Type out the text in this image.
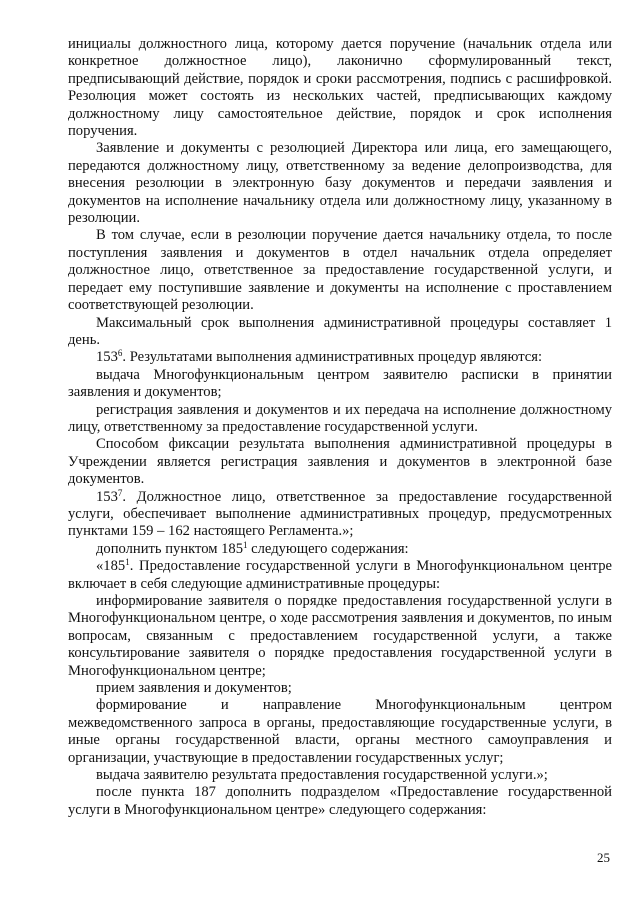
инициалы должностного лица, которому дается поручение (начальник отдела или конкретное должностное лицо), лаконично сформулированный текст, предписывающий действие, порядок и сроки рассмотрения, подпись с расшифровкой. Резолюция может состоять из нескольких частей, предписывающих каждому должностному лицу самостоятельное действие, порядок и срок исполнения поручения.

Заявление и документы с резолюцией Директора или лица, его замещающего, передаются должностному лицу, ответственному за ведение делопроизводства, для внесения резолюции в электронную базу документов и передачи заявления и документов на исполнение начальнику отдела или должностному лицу, указанному в резолюции.

В том случае, если в резолюции поручение дается начальнику отдела, то после поступления заявления и документов в отдел начальник отдела определяет должностное лицо, ответственное за предоставление государственной услуги, и передает ему поступившие заявление и документы на исполнение с проставлением соответствующей резолюции.

Максимальный срок выполнения административной процедуры составляет 1 день.

$153^6$. Результатами выполнения административных процедур являются:

выдача Многофункциональным центром заявителю расписки в принятии заявления и документов;

регистрация заявления и документов и их передача на исполнение должностному лицу, ответственному за предоставление государственной услуги.

Способом фиксации результата выполнения административной процедуры в Учреждении является регистрация заявления и документов в электронной базе документов.

$153^7$. Должностное лицо, ответственное за предоставление государственной услуги, обеспечивает выполнение административных процедур, предусмотренных пунктами 159 – 162 настоящего Регламента.»;

дополнить пунктом $185^1$ следующего содержания:

«$185^1$. Предоставление государственной услуги в Многофункциональном центре включает в себя следующие административные процедуры:

информирование заявителя о порядке предоставления государственной услуги в Многофункциональном центре, о ходе рассмотрения заявления и документов, по иным вопросам, связанным с предоставлением государственной услуги, а также консультирование заявителя о порядке предоставления государственной услуги в Многофункциональном центре;

прием заявления и документов;

формирование и направление Многофункциональным центром межведомственного запроса в органы, предоставляющие государственные услуги, в иные органы государственной власти, органы местного самоуправления и организации, участвующие в предоставлении государственных услуг;

выдача заявителю результата предоставления государственной услуги.»;

после пункта 187 дополнить подразделом «Предоставление государственной услуги в Многофункциональном центре» следующего содержания:

25
